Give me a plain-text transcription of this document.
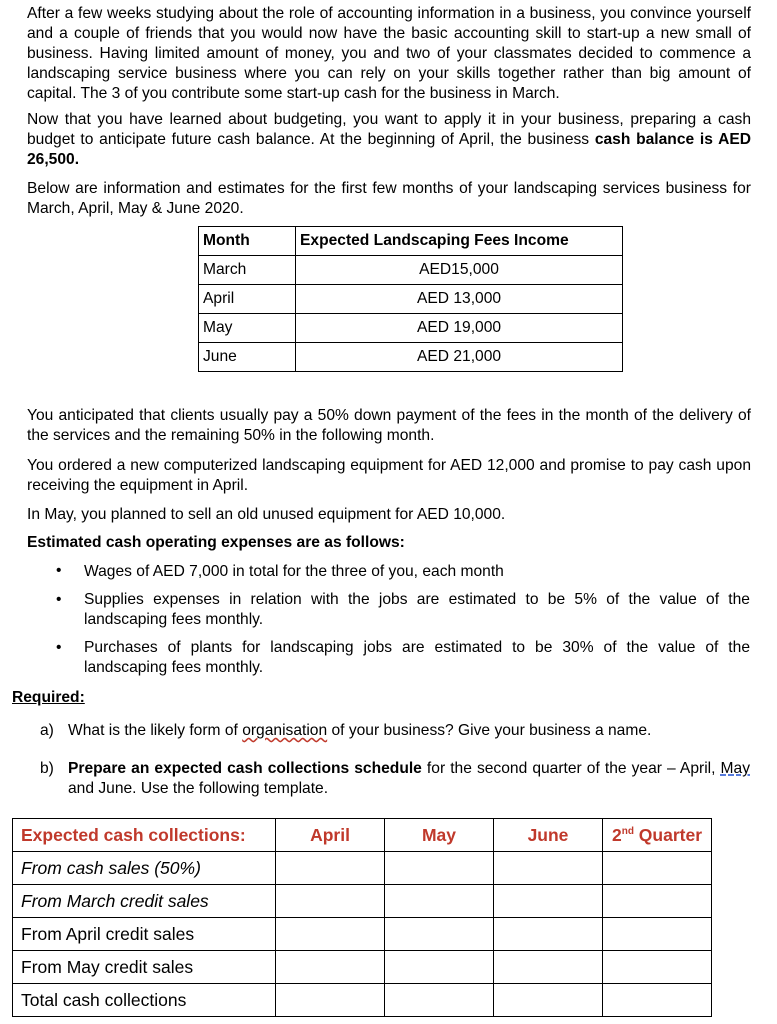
After a few weeks studying about the role of accounting information in a business, you convince yourself and a couple of friends that you would now have the basic accounting skill to start-up a new small of business. Having limited amount of money, you and two of your classmates decided to commence a landscaping service business where you can rely on your skills together rather than big amount of capital. The 3 of you contribute some start-up cash for the business in March.
Now that you have learned about budgeting, you want to apply it in your business, preparing a cash budget to anticipate future cash balance. At the beginning of April, the business cash balance is AED 26,500.
Below are information and estimates for the first few months of your landscaping services business for March, April, May & June 2020.
Month	Expected Landscaping Fees Income
March	AED15,000
April	AED 13,000
May	AED 19,000
June	AED 21,000
You anticipated that clients usually pay a 50% down payment of the fees in the month of the delivery of the services and the remaining 50% in the following month.
You ordered a new computerized landscaping equipment for AED 12,000 and promise to pay cash upon receiving the equipment in April.
In May, you planned to sell an old unused equipment for AED 10,000.
Estimated cash operating expenses are as follows:
• Wages of AED 7,000 in total for the three of you, each month
• Supplies expenses in relation with the jobs are estimated to be 5% of the value of the landscaping fees monthly.
• Purchases of plants for landscaping jobs are estimated to be 30% of the value of the landscaping fees monthly.
Required:
a) What is the likely form of organisation of your business? Give your business a name.
b) Prepare an expected cash collections schedule for the second quarter of the year – April, May and June. Use the following template.
Expected cash collections:	April	May	June	2nd Quarter
From cash sales (50%)				
From March credit sales				
From April credit sales				
From May credit sales				
Total cash collections				
